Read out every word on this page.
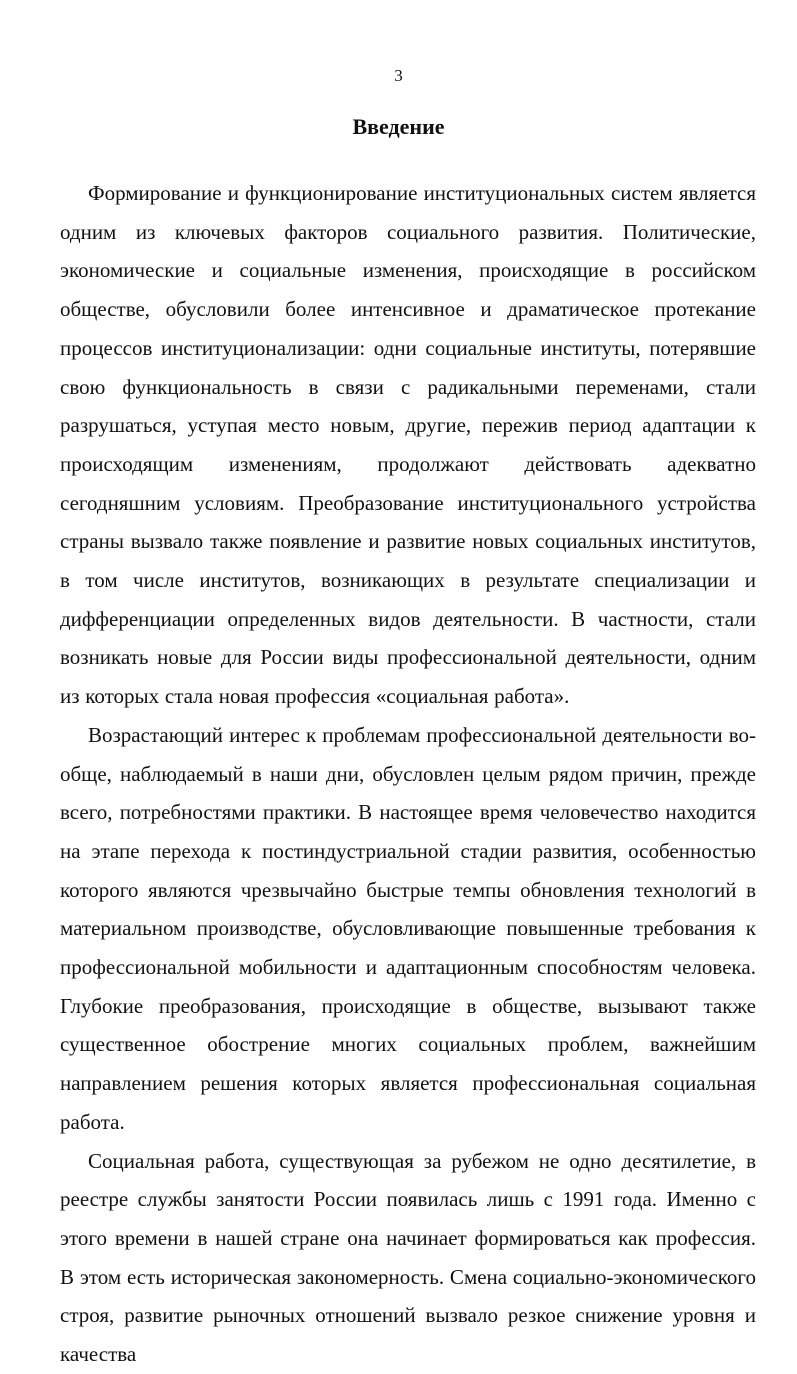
3
Введение

Формирование и функционирование институциональных систем является одним из ключевых факторов социального развития. Политические, экономические и социальные изменения, происходящие в российском обществе, обусловили более интенсивное и драматическое протекание процессов институционализации: одни социальные институты, потерявшие свою функциональность в связи с радикальными переменами, стали разрушаться, уступая место новым, другие, пережив период адаптации к происходящим изменениям, продолжают действовать адекватно сегодняшним условиям. Преобразование институционального устройства страны вызвало также появление и развитие новых социальных институтов, в том числе институтов, возникающих в результате специализации и дифференциации определенных видов деятельности. В частности, стали возникать новые для России виды профессиональной деятельности, одним из которых стала новая профессия «социальная работа».

Возрастающий интерес к проблемам профессиональной деятельности вообще, наблюдаемый в наши дни, обусловлен целым рядом причин, прежде всего, потребностями практики. В настоящее время человечество находится на этапе перехода к постиндустриальной стадии развития, особенностью которого являются чрезвычайно быстрые темпы обновления технологий в материальном производстве, обусловливающие повышенные требования к профессиональной мобильности и адаптационным способностям человека. Глубокие преобразования, происходящие в обществе, вызывают также существенное обострение многих социальных проблем, важнейшим направлением решения которых является профессиональная социальная работа.

Социальная работа, существующая за рубежом не одно десятилетие, в реестре службы занятости России появилась лишь с 1991 года. Именно с этого времени в нашей стране она начинает формироваться как профессия. В этом есть историческая закономерность. Смена социально-экономического строя, развитие рыночных отношений вызвало резкое снижение уровня и качества
